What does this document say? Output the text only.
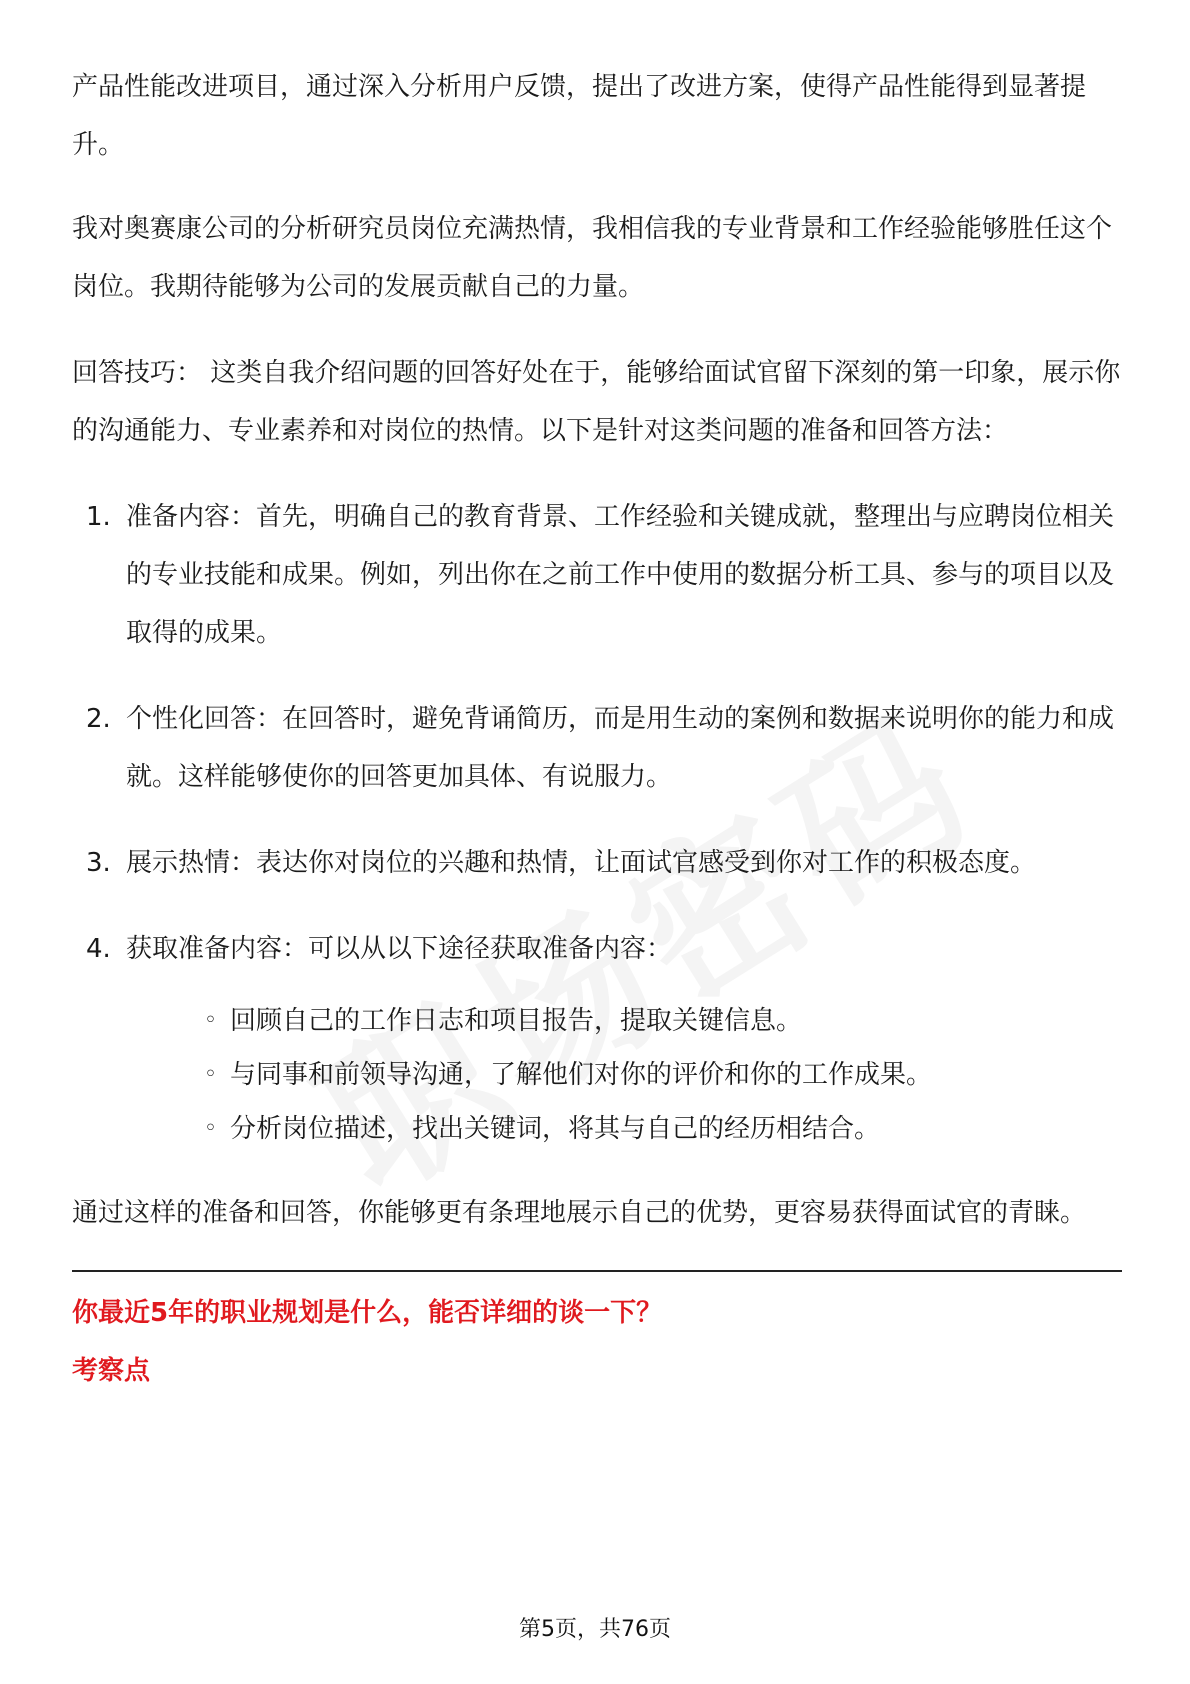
产品性能改进项目，通过深入分析用户反馈，提出了改进方案，使得产品性能得到显著提升。

我对奥赛康公司的分析研究员岗位充满热情，我相信我的专业背景和工作经验能够胜任这个岗位。我期待能够为公司的发展贡献自己的力量。

回答技巧： 这类自我介绍问题的回答好处在于，能够给面试官留下深刻的第一印象，展示你的沟通能力、专业素养和对岗位的热情。以下是针对这类问题的准备和回答方法：

1. 准备内容：首先，明确自己的教育背景、工作经验和关键成就，整理出与应聘岗位相关的专业技能和成果。例如，列出你在之前工作中使用的数据分析工具、参与的项目以及取得的成果。
2. 个性化回答：在回答时，避免背诵简历，而是用生动的案例和数据来说明你的能力和成就。这样能够使你的回答更加具体、有说服力。
3. 展示热情：表达你对岗位的兴趣和热情，让面试官感受到你对工作的积极态度。
4. 获取准备内容：可以从以下途径获取准备内容：
◦ 回顾自己的工作日志和项目报告，提取关键信息。
◦ 与同事和前领导沟通，了解他们对你的评价和你的工作成果。
◦ 分析岗位描述，找出关键词，将其与自己的经历相结合。

通过这样的准备和回答，你能够更有条理地展示自己的优势，更容易获得面试官的青睐。

你最近5年的职业规划是什么，能否详细的谈一下？
考察点
第5页，共76页
